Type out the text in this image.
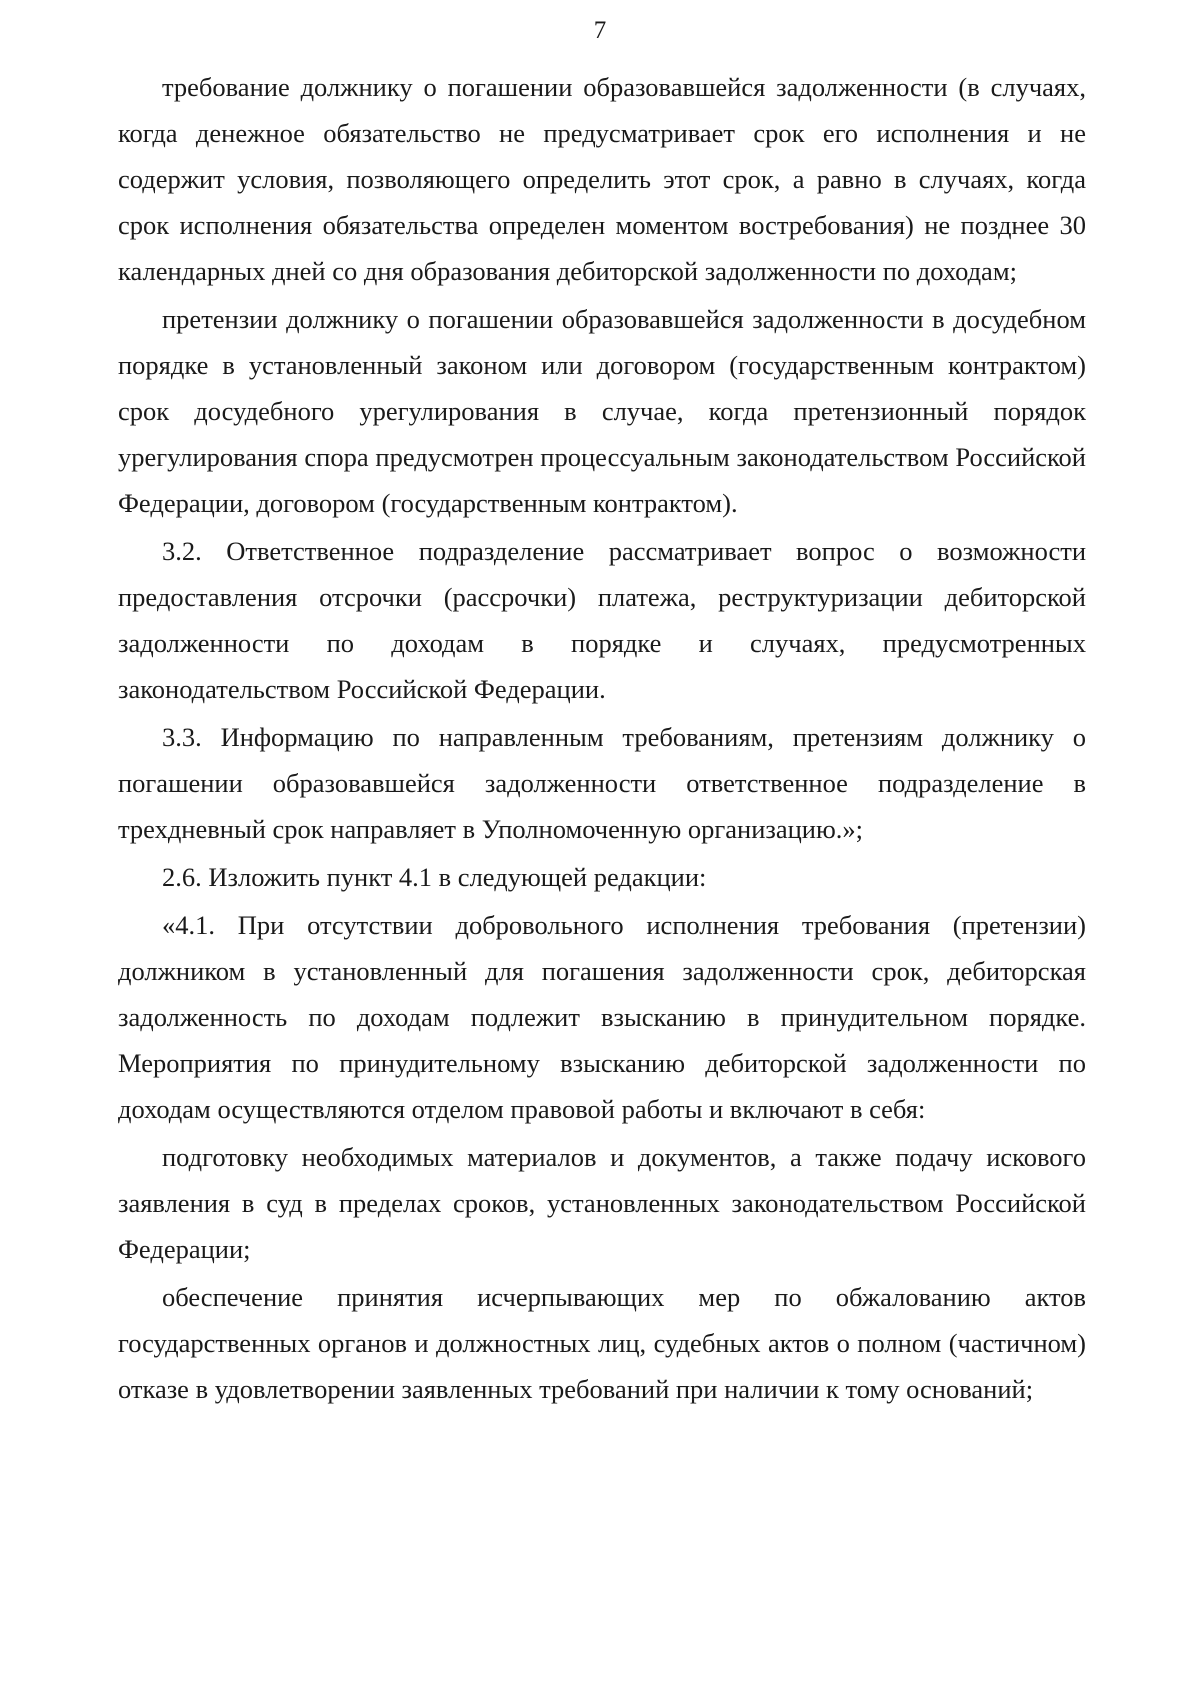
7

требование должнику о погашении образовавшейся задолженности (в случаях, когда денежное обязательство не предусматривает срок его исполнения и не содержит условия, позволяющего определить этот срок, а равно в случаях, когда срок исполнения обязательства определен моментом востребования) не позднее 30 календарных дней со дня образования дебиторской задолженности по доходам;

претензии должнику о погашении образовавшейся задолженности в досудебном порядке в установленный законом или договором (государственным контрактом) срок досудебного урегулирования в случае, когда претензионный порядок урегулирования спора предусмотрен процессуальным законодательством Российской Федерации, договором (государственным контрактом).

3.2. Ответственное подразделение рассматривает вопрос о возможности предоставления отсрочки (рассрочки) платежа, реструктуризации дебиторской задолженности по доходам в порядке и случаях, предусмотренных законодательством Российской Федерации.

3.3. Информацию по направленным требованиям, претензиям должнику о погашении образовавшейся задолженности ответственное подразделение в трехдневный срок направляет в Уполномоченную организацию.»;

2.6. Изложить пункт 4.1 в следующей редакции:

«4.1. При отсутствии добровольного исполнения требования (претензии) должником в установленный для погашения задолженности срок, дебиторская задолженность по доходам подлежит взысканию в принудительном порядке. Мероприятия по принудительному взысканию дебиторской задолженности по доходам осуществляются отделом правовой работы и включают в себя:

подготовку необходимых материалов и документов, а также подачу искового заявления в суд в пределах сроков, установленных законодательством Российской Федерации;

обеспечение принятия исчерпывающих мер по обжалованию актов государственных органов и должностных лиц, судебных актов о полном (частичном) отказе в удовлетворении заявленных требований при наличии к тому оснований;
